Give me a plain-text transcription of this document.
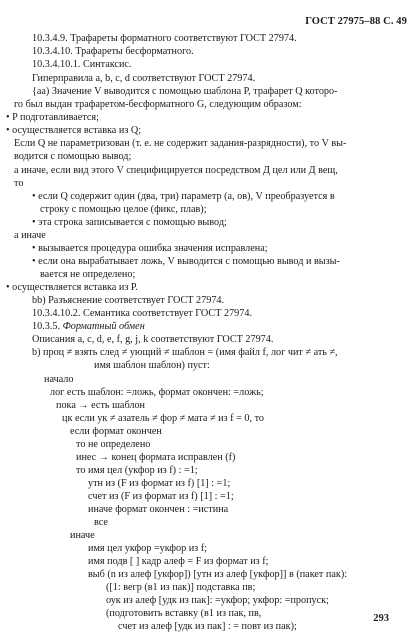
ГОСТ 27975–88 С. 49
10.3.4.9. Трафареты форматного соответствуют ГОСТ 27974.
10.3.4.10. Трафареты бесформатного.
10.3.4.10.1. Синтаксис.
Гиперправила a, b, c, d соответствуют ГОСТ 27974.
{аа) Значение V выводится с помощью шаблона P, трафарет Q которо-
го был выдан трафаретом-бесформатного G, следующим образом:
• P подготавливается;
• осуществляется вставка из Q;
Если Q не параметризован (т. е. не содержит задания-разрядности), то V вы-
водится с помощью вывод;
а иначе, если вид этого V специфицируется посредством Д цел или Д вещ,
то
• если Q содержит один (два, три) параметр (а, ов), V преобразуется в
строку с помощью целое (фикс, плав);
• эта строка записывается с помощью вывод;
а иначе
• вызывается процедура ошибка значения исправлена;
• если она вырабатывает ложь, V выводится с помощью вывод и вызы-
вается не определено;
• осуществляется вставка из P.
bb) Разъяснение соответствует ГОСТ 27974.
10.3.4.10.2. Семантика соответствует ГОСТ 27974.
10.3.5. Форматный обмен
Описания a, c, d, e, f, g, j, k соответствуют ГОСТ 27974.
b) проц ≠ взять след ≠ ующий ≠ шаблон = (имя файл f, лог чит ≠ ать ≠,
имя шаблон шаблон) пуст:
начало
лог есть шаблон: =ложь, формат окончен: =ложь;
пока → есть шаблон
цк если ук ≠ азатель ≠ фор ≠ мата ≠ из f = 0, то
если формат окончен
то не определено
инес → конец формата исправлен (f)
то имя цел (укфор из f) : =1;
утн из (F из формат из f) [1] : =1;
счет из (F из формат из f) [1] : =1;
иначе формат окончен : =истина
все
иначе
имя цел укфор =укфор из f;
имя подв [ ] кадр алеф = F из формат из f;
выб (n из алеф [укфор]) [утн из алеф [укфор]] в (пакет пак):
([1: вегр (в1 из пак)] подставка пв;
оук из алеф [удк из пак]: =укфор; укфор: =пропуск;
(подготовить вставку (в1 из пак, пв,
счет из алеф [удк из пак] : = повт из пак);
293
